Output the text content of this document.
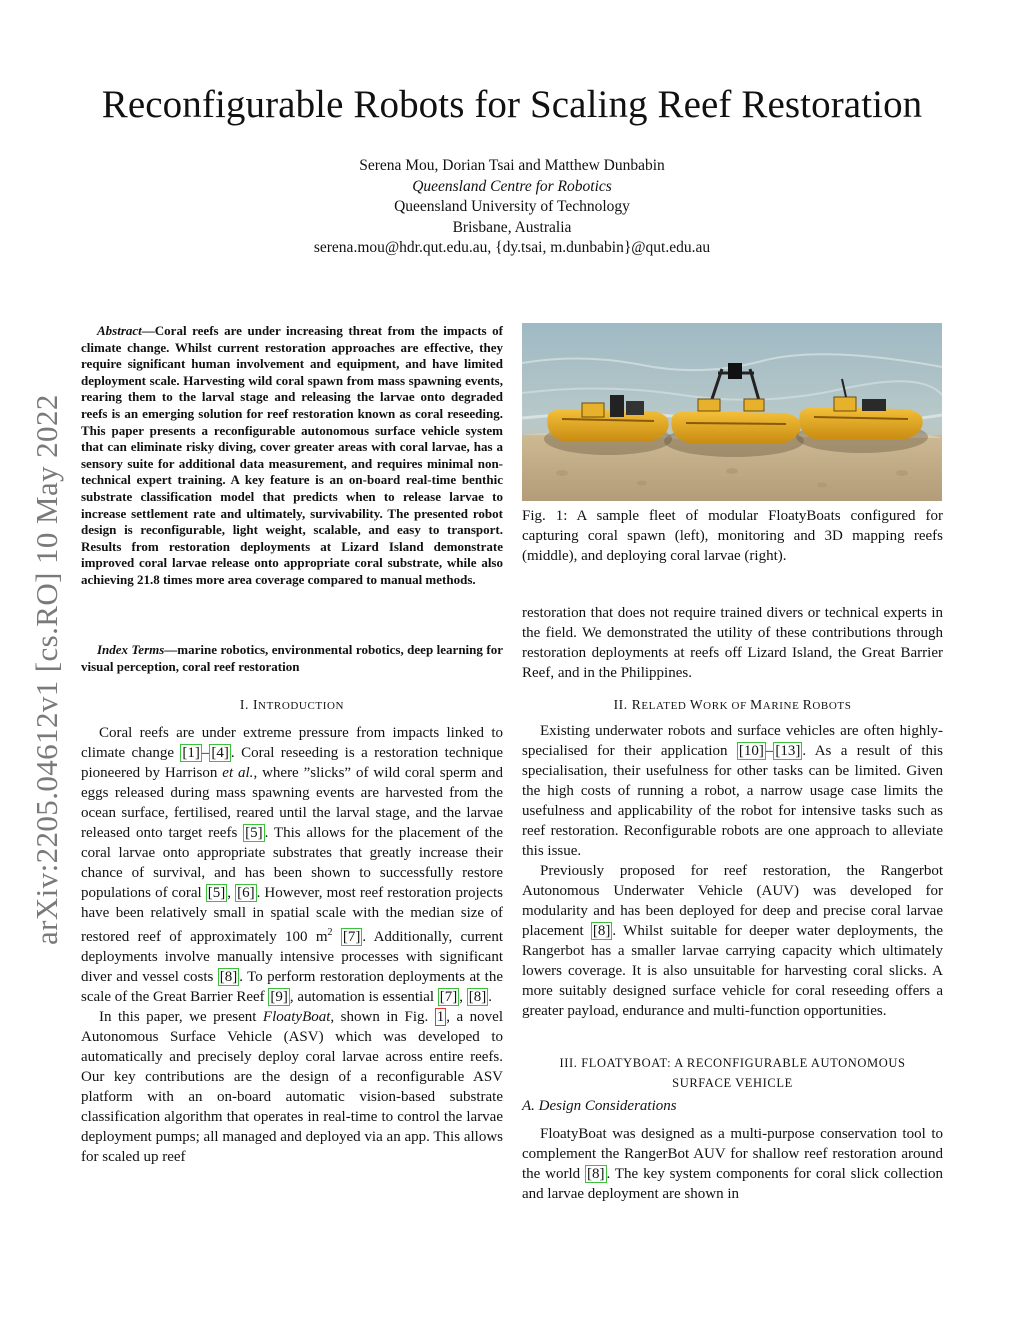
Reconfigurable Robots for Scaling Reef Restoration
Serena Mou, Dorian Tsai and Matthew Dunbabin
Queensland Centre for Robotics
Queensland University of Technology
Brisbane, Australia
serena.mou@hdr.qut.edu.au, {dy.tsai, m.dunbabin}@qut.edu.au
arXiv:2205.04612v1 [cs.RO] 10 May 2022

Abstract—Coral reefs are under increasing threat from the impacts of climate change. Whilst current restoration approaches are effective, they require significant human involvement and equipment, and have limited deployment scale. Harvesting wild coral spawn from mass spawning events, rearing them to the larval stage and releasing the larvae onto degraded reefs is an emerging solution for reef restoration known as coral reseeding. This paper presents a reconfigurable autonomous surface vehicle system that can eliminate risky diving, cover greater areas with coral larvae, has a sensory suite for additional data measurement, and requires minimal non-technical expert training. A key feature is an on-board real-time benthic substrate classification model that predicts when to release larvae to increase settlement rate and ultimately, survivability. The presented robot design is reconfigurable, light weight, scalable, and easy to transport. Results from restoration deployments at Lizard Island demonstrate improved coral larvae release onto appropriate coral substrate, while also achieving 21.8 times more area coverage compared to manual methods.

Index Terms—marine robotics, environmental robotics, deep learning for visual perception, coral reef restoration

I. INTRODUCTION

Coral reefs are under extreme pressure from impacts linked to climate change [1] – [4] . Coral reseeding is a restoration technique pioneered by Harrison et al., where ”slicks” of wild coral sperm and eggs released during mass spawning events are harvested from the ocean surface, fertilised, reared until the larval stage, and the larvae released onto target reefs [5] . This allows for the placement of the coral larvae onto appropriate substrates that greatly increase their chance of survival, and has been shown to successfully restore populations of coral [5] , [6] . However, most reef restoration projects have been relatively small in spatial scale with the median size of restored reef of approximately 100 $m^2$ [7] . Additionally, current deployments involve manually intensive processes with significant diver and vessel costs [8] . To perform restoration deployments at the scale of the Great Barrier Reef [9] , automation is essential [7] , [8] .

In this paper, we present FloatyBoat, shown in Fig. 1 , a novel Autonomous Surface Vehicle (ASV) which was developed to automatically and precisely deploy coral larvae across entire reefs. Our key contributions are the design of a reconfigurable ASV platform with an on-board automatic vision-based substrate classification algorithm that operates in real-time to control the larvae deployment pumps; all managed and deployed via an app. This allows for scaled up reef

Fig. 1: A sample fleet of modular FloatyBoats configured for capturing coral spawn (left), monitoring and 3D mapping reefs (middle), and deploying coral larvae (right).

restoration that does not require trained divers or technical experts in the field. We demonstrated the utility of these contributions through restoration deployments at reefs off Lizard Island, the Great Barrier Reef, and in the Philippines.

II. RELATED WORK OF MARINE ROBOTS

Existing underwater robots and surface vehicles are often highly-specialised for their application [10] – [13] . As a result of this specialisation, their usefulness for other tasks can be limited. Given the high costs of running a robot, a narrow usage case limits the usefulness and applicability of the robot for intensive tasks such as reef restoration. Reconfigurable robots are one approach to alleviate this issue.

Previously proposed for reef restoration, the Rangerbot Autonomous Underwater Vehicle (AUV) was developed for modularity and has been deployed for deep and precise coral larvae placement [8] . Whilst suitable for deeper water deployments, the Rangerbot has a smaller larvae carrying capacity which ultimately lowers coverage. It is also unsuitable for harvesting coral slicks. A more suitably designed surface vehicle for coral reseeding offers a greater payload, endurance and multi-function opportunities.

III. FLOATYBOAT: A RECONFIGURABLE AUTONOMOUS
SURFACE VEHICLE
A. Design Considerations

FloatyBoat was designed as a multi-purpose conservation tool to complement the RangerBot AUV for shallow reef restoration around the world [8] . The key system components for coral slick collection and larvae deployment are shown in
